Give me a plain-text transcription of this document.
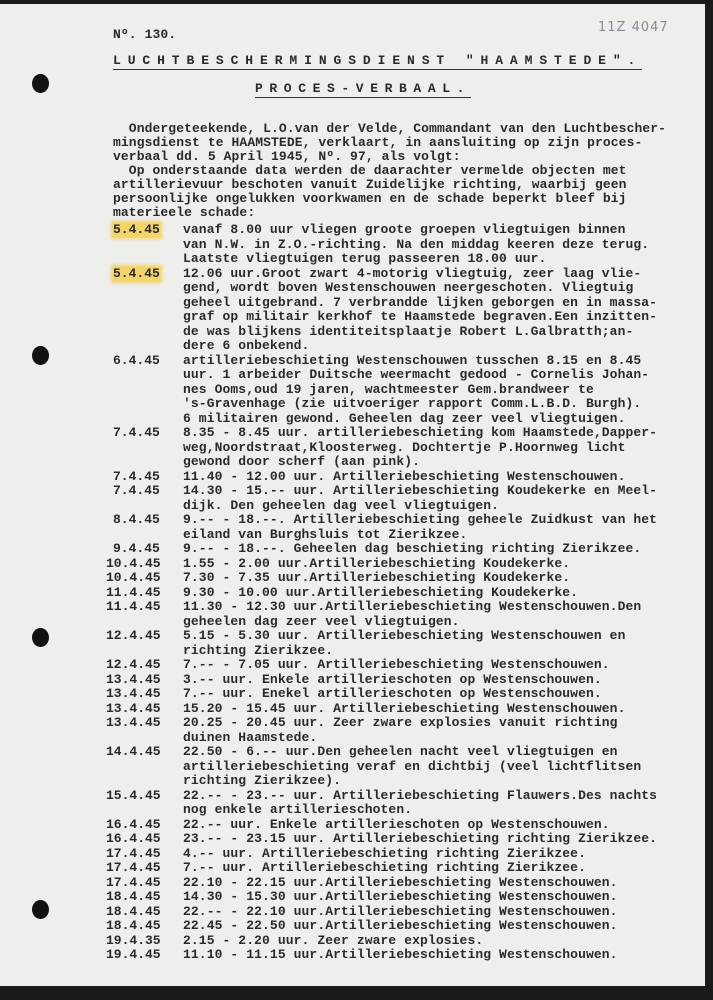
Nº. 130.	11Z 4047
LUCHTBESCHERMINGSDIENST "HAAMSTEDE".
PROCES-VERBAAL.
Ondergeteekende, L.O.van der Velde, Commandant van den Luchtbescher-
mingsdienst te HAAMSTEDE, verklaart, in aansluiting op zijn proces-
verbaal dd. 5 April 1945, Nº. 97, als volgt:
Op onderstaande data werden de daarachter vermelde objecten met
artillerievuur beschoten vanuit Zuidelijke richting, waarbij geen
persoonlijke ongelukken voorkwamen en de schade beperkt bleef bij
materieele schade:
5.4.45 vanaf 8.00 uur vliegen groote groepen vliegtuigen binnen
van N.W. in Z.O.-richting. Na den middag keeren deze terug.
Laatste vliegtuigen terug passeeren 18.00 uur.
5.4.45 12.06 uur.Groot zwart 4-motorig vliegtuig, zeer laag vlie-
gend, wordt boven Westenschouwen neergeschoten. Vliegtuig
geheel uitgebrand. 7 verbrandde lijken geborgen en in massa-
graf op militair kerkhof te Haamstede begraven.Een inzitten-
de was blijkens identiteitsplaatje Robert L.Galbratth;an-
dere 6 onbekend.
6.4.45 artilleriebeschieting Westenschouwen tusschen 8.15 en 8.45
uur. 1 arbeider Duitsche weermacht gedood - Cornelis Johan-
nes Ooms,oud 19 jaren, wachtmeester Gem.brandweer te
's-Gravenhage (zie uitvoeriger rapport Comm.L.B.D. Burgh).
6 militairen gewond. Geheelen dag zeer veel vliegtuigen.
7.4.45 8.35 - 8.45 uur. artilleriebeschieting kom Haamstede,Dapper-
weg,Noordstraat,Kloosterweg. Dochtertje P.Hoornweg licht
gewond door scherf (aan pink).
7.4.45 11.40 - 12.00 uur. Artilleriebeschieting Westenschouwen.
7.4.45 14.30 - 15.-- uur. Artilleriebeschieting Koudekerke en Meel-
dijk. Den geheelen dag veel vliegtuigen.
8.4.45 9.-- - 18.--. Artilleriebeschieting geheele Zuidkust van het
eiland van Burghsluis tot Zierikzee.
9.4.45 9.-- - 18.--. Geheelen dag beschieting richting Zierikzee.
10.4.45 1.55 - 2.00 uur.Artilleriebeschieting Koudekerke.
10.4.45 7.30 - 7.35 uur.Artilleriebeschieting Koudekerke.
11.4.45 9.30 - 10.00 uur.Artilleriebeschieting Koudekerke.
11.4.45 11.30 - 12.30 uur.Artilleriebeschieting Westenschouwen.Den
geheelen dag zeer veel vliegtuigen.
12.4.45 5.15 - 5.30 uur. Artilleriebeschieting Westenschouwen en
richting Zierikzee.
12.4.45 7.-- - 7.05 uur. Artilleriebeschieting Westenschouwen.
13.4.45 3.-- uur. Enkele artillerieschoten op Westenschouwen.
13.4.45 7.-- uur. Enekel artillerieschoten op Westenschouwen.
13.4.45 15.20 - 15.45 uur. Artilleriebeschieting Westenschouwen.
13.4.45 20.25 - 20.45 uur. Zeer zware explosies vanuit richting
duinen Haamstede.
14.4.45 22.50 - 6.-- uur.Den geheelen nacht veel vliegtuigen en
artilleriebeschieting veraf en dichtbij (veel lichtflitsen
richting Zierikzee).
15.4.45 22.-- - 23.-- uur. Artilleriebeschieting Flauwers.Des nachts
nog enkele artillerieschoten.
16.4.45 22.-- uur. Enkele artillerieschoten op Westenschouwen.
16.4.45 23.-- - 23.15 uur. Artilleriebeschieting richting Zierikzee.
17.4.45 4.-- uur. Artilleriebeschieting richting Zierikzee.
17.4.45 7.-- uur. Artilleriebeschieting richting Zierikzee.
17.4.45 22.10 - 22.15 uur.Artilleriebeschieting Westenschouwen.
18.4.45 14.30 - 15.30 uur.Artilleriebeschieting Westenschouwen.
18.4.45 22.-- - 22.10 uur.Artilleriebeschieting Westenschouwen.
18.4.45 22.45 - 22.50 uur.Artilleriebeschieting Westenschouwen.
19.4.35 2.15 - 2.20 uur. Zeer zware explosies.
19.4.45 11.10 - 11.15 uur.Artilleriebeschieting Westenschouwen.
